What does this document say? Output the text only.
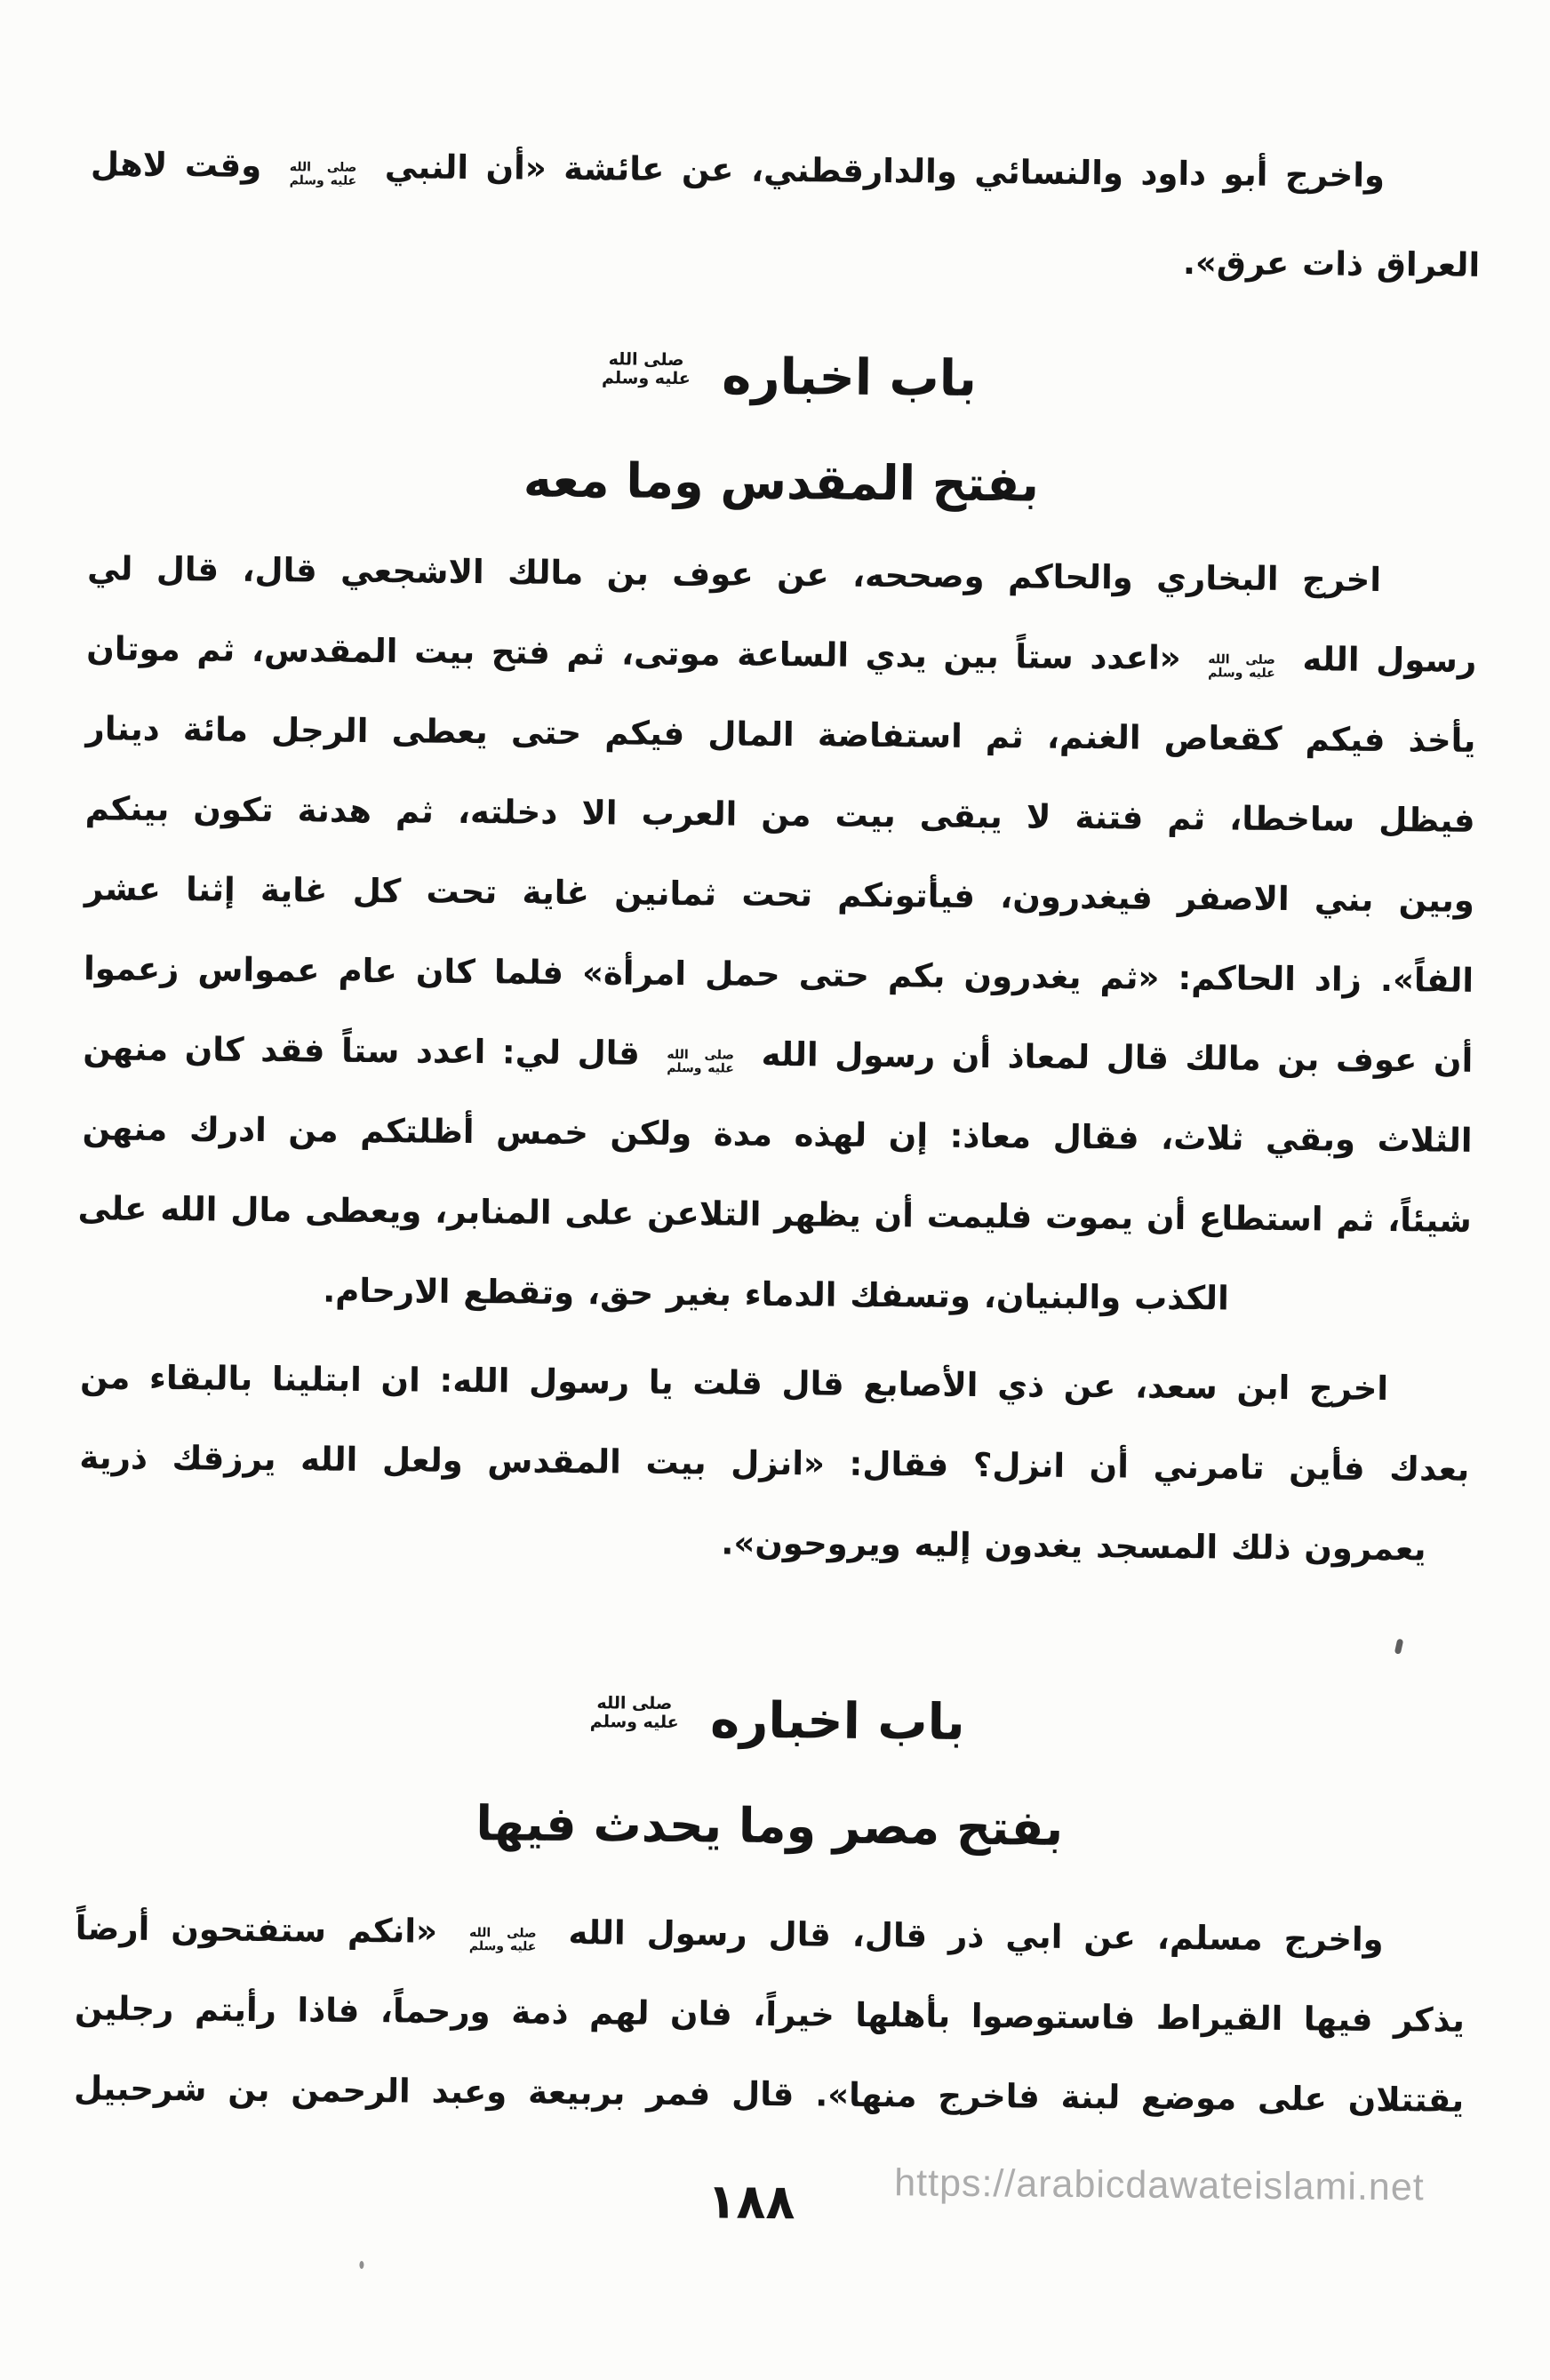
واخرج أبو داود والنسائي والدارقطني، عن عائشة «أن النبي
صلى الله
عليه وسلم
وقت لاهل
العراق ذات عرق».
باب اخباره
صلى الله
عليه وسلم
بفتح المقدس وما معه
اخرج البخاري والحاكم وصححه، عن عوف بن مالك الاشجعي قال، قال لي
رسول الله
صلى الله
عليه وسلم
«اعدد ستاً بين يدي الساعة موتى، ثم فتح بيت المقدس، ثم موتان
يأخذ فيكم كقعاص الغنم، ثم استفاضة المال فيكم حتى يعطى الرجل مائة دينار
فيظل ساخطا، ثم فتنة لا يبقى بيت من العرب الا دخلته، ثم هدنة تكون بينكم
وبين بني الاصفر فيغدرون، فيأتونكم تحت ثمانين غاية تحت كل غاية إثنا عشر
الفاً». زاد الحاكم: «ثم يغدرون بكم حتى حمل امرأة» فلما كان عام عمواس زعموا
أن عوف بن مالك قال لمعاذ أن رسول الله
صلى الله
عليه وسلم
قال لي: اعدد ستاً فقد كان منهن
الثلاث وبقي ثلاث، فقال معاذ: إن لهذه مدة ولكن خمس أظلتكم من ادرك منهن
شيئاً، ثم استطاع أن يموت فليمت أن يظهر التلاعن على المنابر، ويعطى مال الله على
الكذب والبنيان، وتسفك الدماء بغير حق، وتقطع الارحام.
اخرج ابن سعد، عن ذي الأصابع قال قلت يا رسول الله: ان ابتلينا بالبقاء من
بعدك فأين تامرني أن انزل؟ فقال: «انزل بيت المقدس ولعل الله يرزقك ذرية
يعمرون ذلك المسجد يغدون إليه ويروحون».
باب اخباره
صلى الله
عليه وسلم
بفتح مصر وما يحدث فيها
واخرج مسلم، عن ابي ذر قال، قال رسول الله
صلى الله
عليه وسلم
«انكم ستفتحون أرضاً
يذكر فيها القيراط فاستوصوا بأهلها خيراً، فان لهم ذمة ورحماً، فاذا رأيتم رجلين
يقتتلان على موضع لبنة فاخرج منها». قال فمر بربيعة وعبد الرحمن بن شرحبيل
١٨٨	https://arabicdawateislami.net
